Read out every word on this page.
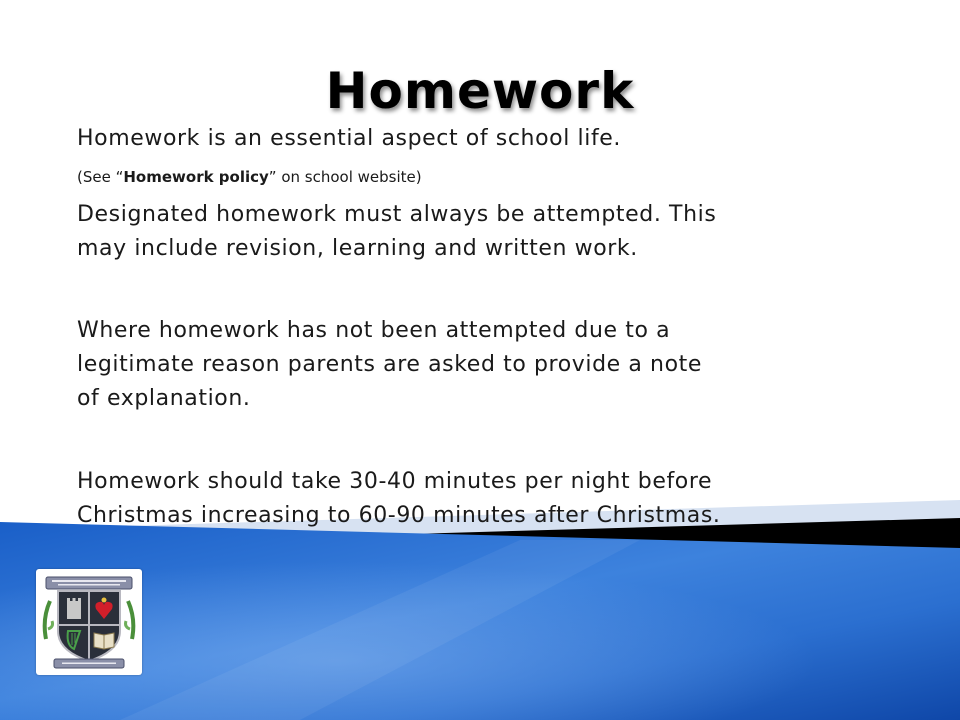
Homework

Homework is an essential aspect of school life.

(See “Homework policy” on school website)

Designated homework must always be attempted. This
may include revision, learning and written work.

Where homework has not been attempted due to a
legitimate reason parents are asked to provide a note
of explanation.

Homework should take 30-40 minutes per night before
Christmas increasing to 60-90 minutes after Christmas.
